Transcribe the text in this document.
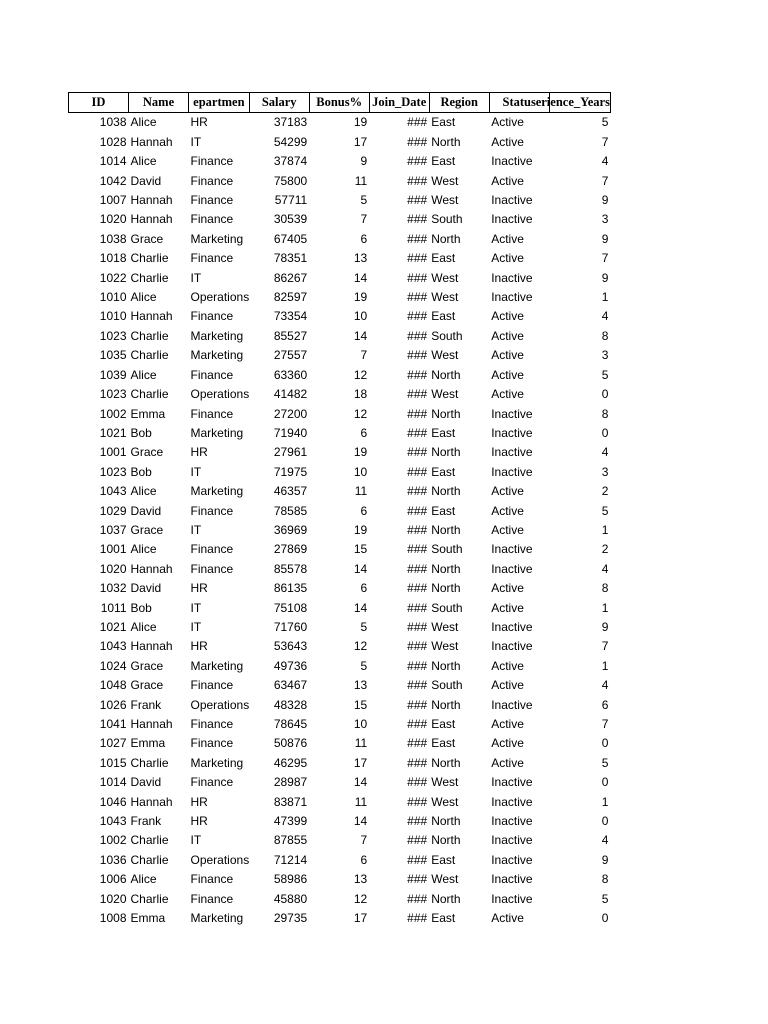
ID	Name	epartmen	Salary	Bonus%	Join_Date	Region	Status	erience_Years
1038	Alice	HR	37183	19	###	East	Active	5
1028	Hannah	IT	54299	17	###	North	Active	7
1014	Alice	Finance	37874	9	###	East	Inactive	4
1042	David	Finance	75800	11	###	West	Active	7
1007	Hannah	Finance	57711	5	###	West	Inactive	9
1020	Hannah	Finance	30539	7	###	South	Inactive	3
1038	Grace	Marketing	67405	6	###	North	Active	9
1018	Charlie	Finance	78351	13	###	East	Active	7
1022	Charlie	IT	86267	14	###	West	Inactive	9
1010	Alice	Operations	82597	19	###	West	Inactive	1
1010	Hannah	Finance	73354	10	###	East	Active	4
1023	Charlie	Marketing	85527	14	###	South	Active	8
1035	Charlie	Marketing	27557	7	###	West	Active	3
1039	Alice	Finance	63360	12	###	North	Active	5
1023	Charlie	Operations	41482	18	###	West	Active	0
1002	Emma	Finance	27200	12	###	North	Inactive	8
1021	Bob	Marketing	71940	6	###	East	Inactive	0
1001	Grace	HR	27961	19	###	North	Inactive	4
1023	Bob	IT	71975	10	###	East	Inactive	3
1043	Alice	Marketing	46357	11	###	North	Active	2
1029	David	Finance	78585	6	###	East	Active	5
1037	Grace	IT	36969	19	###	North	Active	1
1001	Alice	Finance	27869	15	###	South	Inactive	2
1020	Hannah	Finance	85578	14	###	North	Inactive	4
1032	David	HR	86135	6	###	North	Active	8
1011	Bob	IT	75108	14	###	South	Active	1
1021	Alice	IT	71760	5	###	West	Inactive	9
1043	Hannah	HR	53643	12	###	West	Inactive	7
1024	Grace	Marketing	49736	5	###	North	Active	1
1048	Grace	Finance	63467	13	###	South	Active	4
1026	Frank	Operations	48328	15	###	North	Inactive	6
1041	Hannah	Finance	78645	10	###	East	Active	7
1027	Emma	Finance	50876	11	###	East	Active	0
1015	Charlie	Marketing	46295	17	###	North	Active	5
1014	David	Finance	28987	14	###	West	Inactive	0
1046	Hannah	HR	83871	11	###	West	Inactive	1
1043	Frank	HR	47399	14	###	North	Inactive	0
1002	Charlie	IT	87855	7	###	North	Inactive	4
1036	Charlie	Operations	71214	6	###	East	Inactive	9
1006	Alice	Finance	58986	13	###	West	Inactive	8
1020	Charlie	Finance	45880	12	###	North	Inactive	5
1008	Emma	Marketing	29735	17	###	East	Active	0
